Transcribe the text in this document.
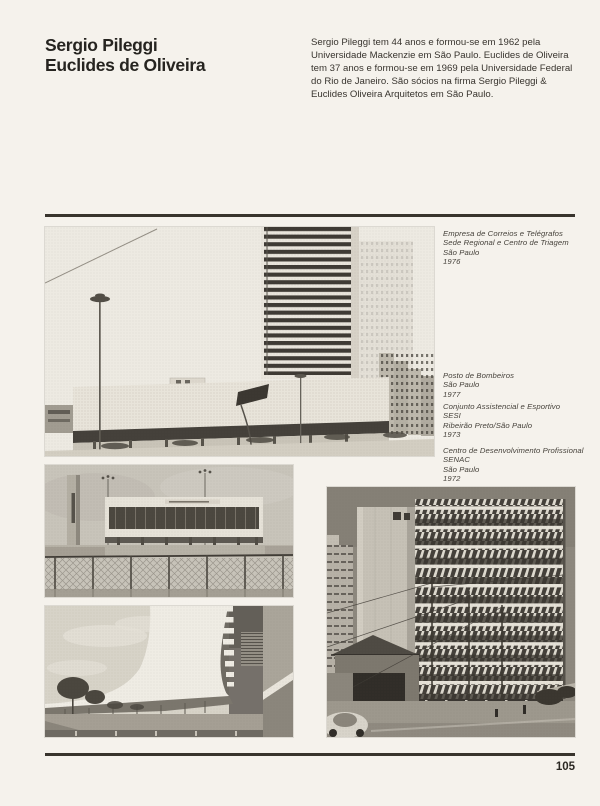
Sergio Pileggi
Euclides de Oliveira
Sergio Pileggi tem 44 anos e formou-se em 1962 pela Universidade Mackenzie em São Paulo. Euclides de Oliveira tem 37 anos e formou-se em 1969 pela Universidade Federal do Rio de Janeiro. São sócios na firma Sergio Pileggi & Euclides Oliveira Arquitetos em São Paulo.
Empresa de Correios e Telégrafos
Sede Regional e Centro de Triagem
São Paulo
1976
Posto de Bombeiros
São Paulo
1977
Conjunto Assistencial e Esportivo
SESI
Ribeirão Preto/São Paulo
1973
Centro de Desenvolvimento Profissional
SENAC
São Paulo
1972
105
